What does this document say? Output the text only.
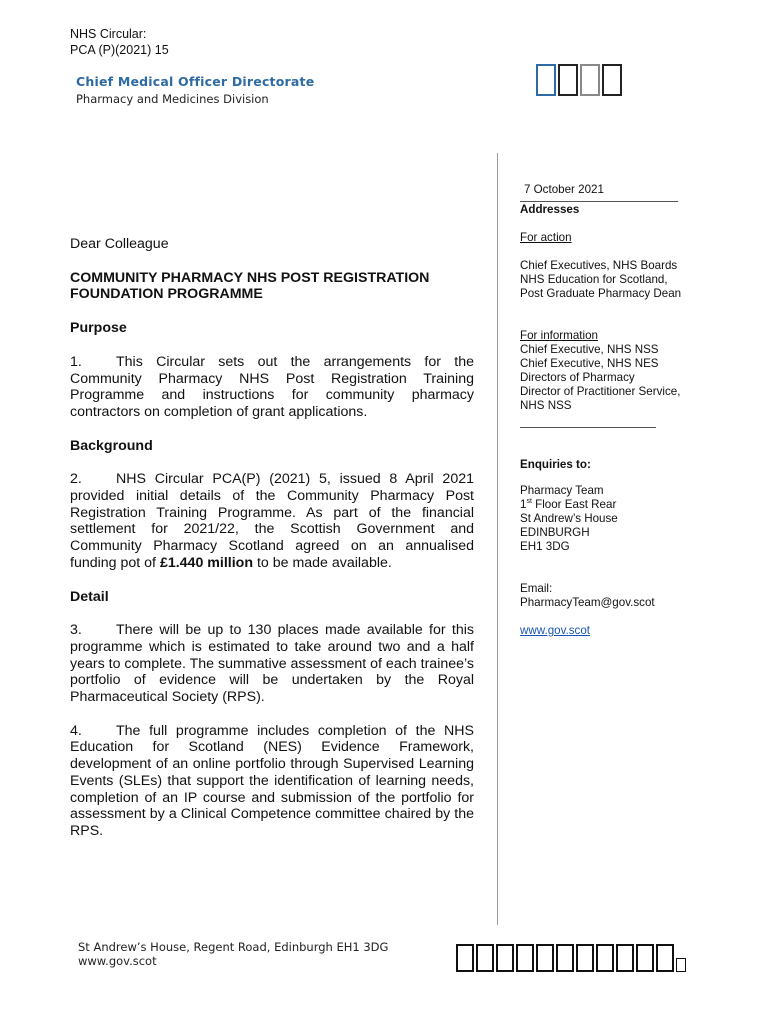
NHS Circular:
PCA (P)(2021) 15
Chief Medical Officer Directorate
Pharmacy and Medicines Division

Dear Colleague

COMMUNITY PHARMACY NHS POST REGISTRATION FOUNDATION PROGRAMME

Purpose

1. This Circular sets out the arrangements for the Community Pharmacy NHS Post Registration Training Programme and instructions for community pharmacy contractors on completion of grant applications.

Background

2. NHS Circular PCA(P) (2021) 5, issued 8 April 2021 provided initial details of the Community Pharmacy Post Registration Training Programme. As part of the financial settlement for 2021/22, the Scottish Government and Community Pharmacy Scotland agreed on an annualised funding pot of £1.440 million to be made available.

Detail

3. There will be up to 130 places made available for this programme which is estimated to take around two and a half years to complete. The summative assessment of each trainee’s portfolio of evidence will be undertaken by the Royal Pharmaceutical Society (RPS).

4. The full programme includes completion of the NHS Education for Scotland (NES) Evidence Framework, development of an online portfolio through Supervised Learning Events (SLEs) that support the identification of learning needs, completion of an IP course and submission of the portfolio for assessment by a Clinical Competence committee chaired by the RPS.

7 October 2021

Addresses

For action

Chief Executives, NHS Boards

NHS Education for Scotland,

Post Graduate Pharmacy Dean

For information

Chief Executive, NHS NSS

Chief Executive, NHS NES

Directors of Pharmacy

Director of Practitioner Service,

NHS NSS

Enquiries to:

Pharmacy Team

1st Floor East Rear

St Andrew’s House

EDINBURGH

EH1 3DG

Email:

PharmacyTeam@gov.scot

www.gov.scot

St Andrew’s House, Regent Road, Edinburgh EH1 3DG
www.gov.scot
